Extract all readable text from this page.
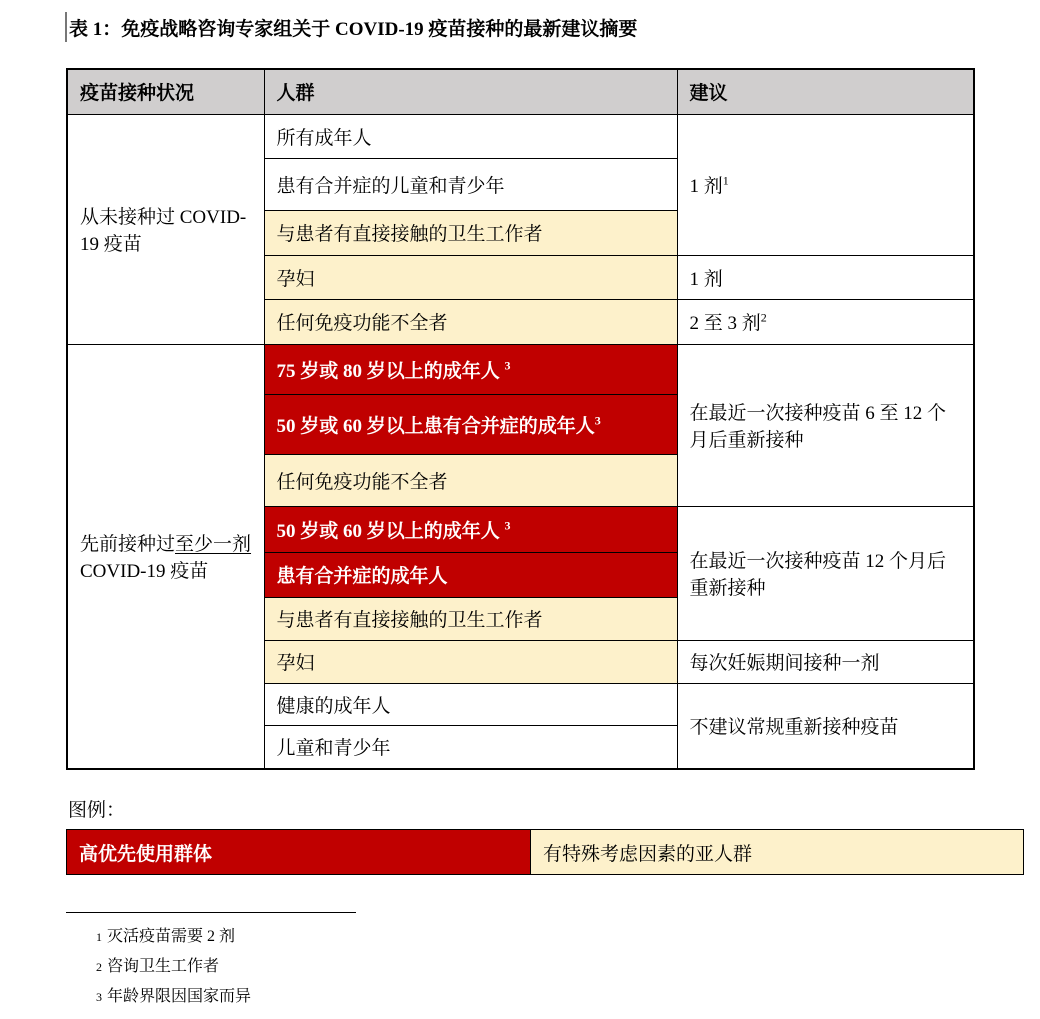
表 1：免疫战略咨询专家组关于 COVID-19 疫苗接种的最新建议摘要
疫苗接种状况	人群	建议
从未接种过 COVID-19 疫苗	所有成年人	1 剂$^1$
	患有合并症的儿童和青少年	
	与患者有直接接触的卫生工作者	
	孕妇	1 剂
	任何免疫功能不全者	2 至 3 剂$^2$
先前接种过至少一剂 COVID-19 疫苗	75 岁或 80 岁以上的成年人 $^3$	在最近一次接种疫苗 6 至 12 个月后重新接种
	50 岁或 60 岁以上患有合并症的成年人$^3$
	任何免疫功能不全者	
	50 岁或 60 岁以上的成年人 $^3$	在最近一次接种疫苗 12 个月后重新接种
	患有合并症的成年人	
	与患者有直接接触的卫生工作者	
	孕妇	每次妊娠期间接种一剂
	健康的成年人	不建议常规重新接种疫苗
	儿童和青少年	
图例：
高优先使用群体	有特殊考虑因素的亚人群
1 灭活疫苗需要 2 剂
2 咨询卫生工作者
3 年龄界限因国家而异
